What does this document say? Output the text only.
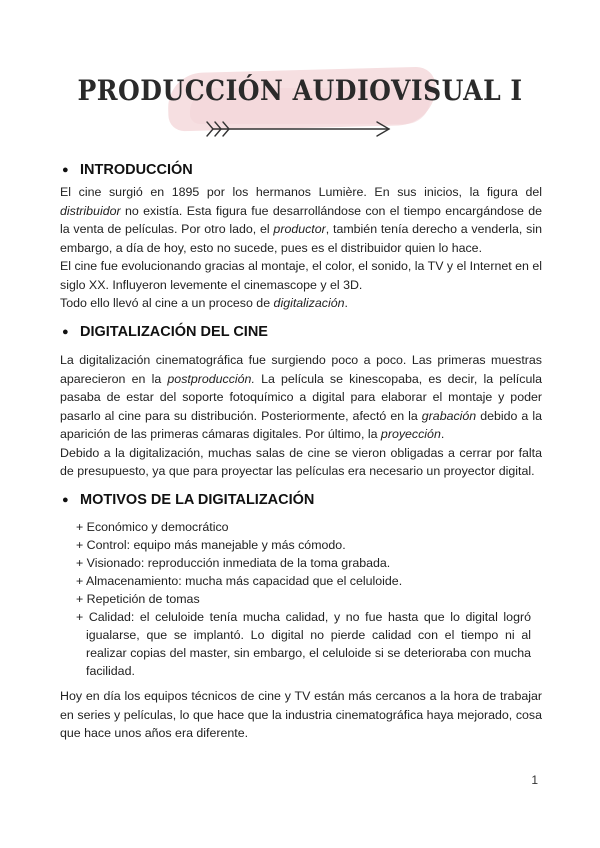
PRODUCCIÓN AUDIOVISUAL I
● INTRODUCCIÓN

El cine surgió en 1895 por los hermanos Lumière. En sus inicios, la figura del distribuidor no existía. Esta figura fue desarrollándose con el tiempo encargándose de la venta de películas. Por otro lado, el productor, también tenía derecho a venderla, sin embargo, a día de hoy, esto no sucede, pues es el distribuidor quien lo hace.

El cine fue evolucionando gracias al montaje, el color, el sonido, la TV y el Internet en el siglo XX. Influyeron levemente el cinemascope y el 3D.

Todo ello llevó al cine a un proceso de digitalización.

● DIGITALIZACIÓN DEL CINE

La digitalización cinematográfica fue surgiendo poco a poco. Las primeras muestras aparecieron en la postproducción. La película se kinescopaba, es decir, la película pasaba de estar del soporte fotoquímico a digital para elaborar el montaje y poder pasarlo al cine para su distribución. Posteriormente, afectó en la grabación debido a la aparición de las primeras cámaras digitales. Por último, la proyección.

Debido a la digitalización, muchas salas de cine se vieron obligadas a cerrar por falta de presupuesto, ya que para proyectar las películas era necesario un proyector digital.

● MOTIVOS DE LA DIGITALIZACIÓN
+ Económico y democrático
+ Control: equipo más manejable y más cómodo.
+ Visionado: reproducción inmediata de la toma grabada.
+ Almacenamiento: mucha más capacidad que el celuloide.
+ Repetición de tomas
+ Calidad: el celuloide tenía mucha calidad, y no fue hasta que lo digital logró igualarse, que se implantó. Lo digital no pierde calidad con el tiempo ni al realizar copias del master, sin embargo, el celuloide si se deterioraba con mucha facilidad.

Hoy en día los equipos técnicos de cine y TV están más cercanos a la hora de trabajar en series y películas, lo que hace que la industria cinematográfica haya mejorado, cosa que hace unos años era diferente.

1
